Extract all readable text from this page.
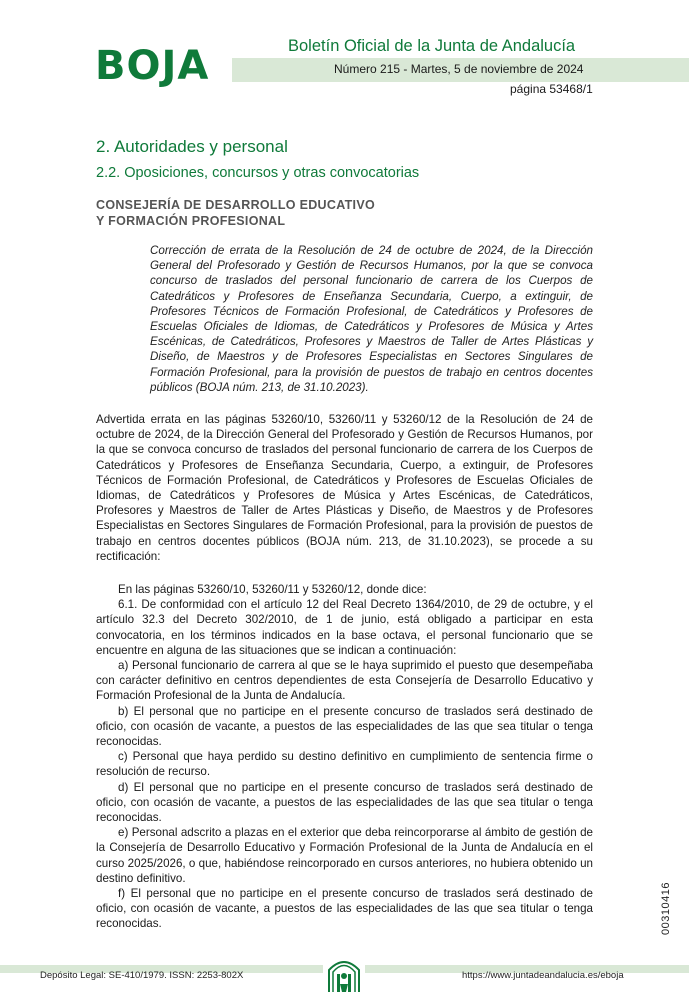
BOJA	Boletín Oficial de la Junta de Andalucía
Número 215 - Martes, 5 de noviembre de 2024
página 53468/1
2. Autoridades y personal
2.2. Oposiciones, concursos y otras convocatorias
CONSEJERÍA DE DESARROLLO EDUCATIVO
Y FORMACIÓN PROFESIONAL
Corrección de errata de la Resolución de 24 de octubre de 2024, de la Dirección General del Profesorado y Gestión de Recursos Humanos, por la que se convoca concurso de traslados del personal funcionario de carrera de los Cuerpos de Catedráticos y Profesores de Enseñanza Secundaria, Cuerpo, a extinguir, de Profesores Técnicos de Formación Profesional, de Catedráticos y Profesores de Escuelas Oficiales de Idiomas, de Catedráticos y Profesores de Música y Artes Escénicas, de Catedráticos, Profesores y Maestros de Taller de Artes Plásticas y Diseño, de Maestros y de Profesores Especialistas en Sectores Singulares de Formación Profesional, para la provisión de puestos de trabajo en centros docentes públicos (BOJA núm. 213, de 31.10.2023).
Advertida errata en las páginas 53260/10, 53260/11 y 53260/12 de la Resolución de 24 de octubre de 2024, de la Dirección General del Profesorado y Gestión de Recursos Humanos, por la que se convoca concurso de traslados del personal funcionario de carrera de los Cuerpos de Catedráticos y Profesores de Enseñanza Secundaria, Cuerpo, a extinguir, de Profesores Técnicos de Formación Profesional, de Catedráticos y Profesores de Escuelas Oficiales de Idiomas, de Catedráticos y Profesores de Música y Artes Escénicas, de Catedráticos, Profesores y Maestros de Taller de Artes Plásticas y Diseño, de Maestros y de Profesores Especialistas en Sectores Singulares de Formación Profesional, para la provisión de puestos de trabajo en centros docentes públicos (BOJA núm. 213, de 31.10.2023), se procede a su rectificación:

En las páginas 53260/10, 53260/11 y 53260/12, donde dice:

6.1. De conformidad con el artículo 12 del Real Decreto 1364/2010, de 29 de octubre, y el artículo 32.3 del Decreto 302/2010, de 1 de junio, está obligado a participar en esta convocatoria, en los términos indicados en la base octava, el personal funcionario que se encuentre en alguna de las situaciones que se indican a continuación:

a) Personal funcionario de carrera al que se le haya suprimido el puesto que desempeñaba con carácter definitivo en centros dependientes de esta Consejería de Desarrollo Educativo y Formación Profesional de la Junta de Andalucía.

b) El personal que no participe en el presente concurso de traslados será destinado de oficio, con ocasión de vacante, a puestos de las especialidades de las que sea titular o tenga reconocidas.

c) Personal que haya perdido su destino definitivo en cumplimiento de sentencia firme o resolución de recurso.

d) El personal que no participe en el presente concurso de traslados será destinado de oficio, con ocasión de vacante, a puestos de las especialidades de las que sea titular o tenga reconocidas.

e) Personal adscrito a plazas en el exterior que deba reincorporarse al ámbito de gestión de la Consejería de Desarrollo Educativo y Formación Profesional de la Junta de Andalucía en el curso 2025/2026, o que, habiéndose reincorporado en cursos anteriores, no hubiera obtenido un destino definitivo.

f) El personal que no participe en el presente concurso de traslados será destinado de oficio, con ocasión de vacante, a puestos de las especialidades de las que sea titular o tenga reconocidas.	00310416
Depósito Legal: SE-410/1979. ISSN: 2253-802X	https://www.juntadeandalucia.es/eboja
